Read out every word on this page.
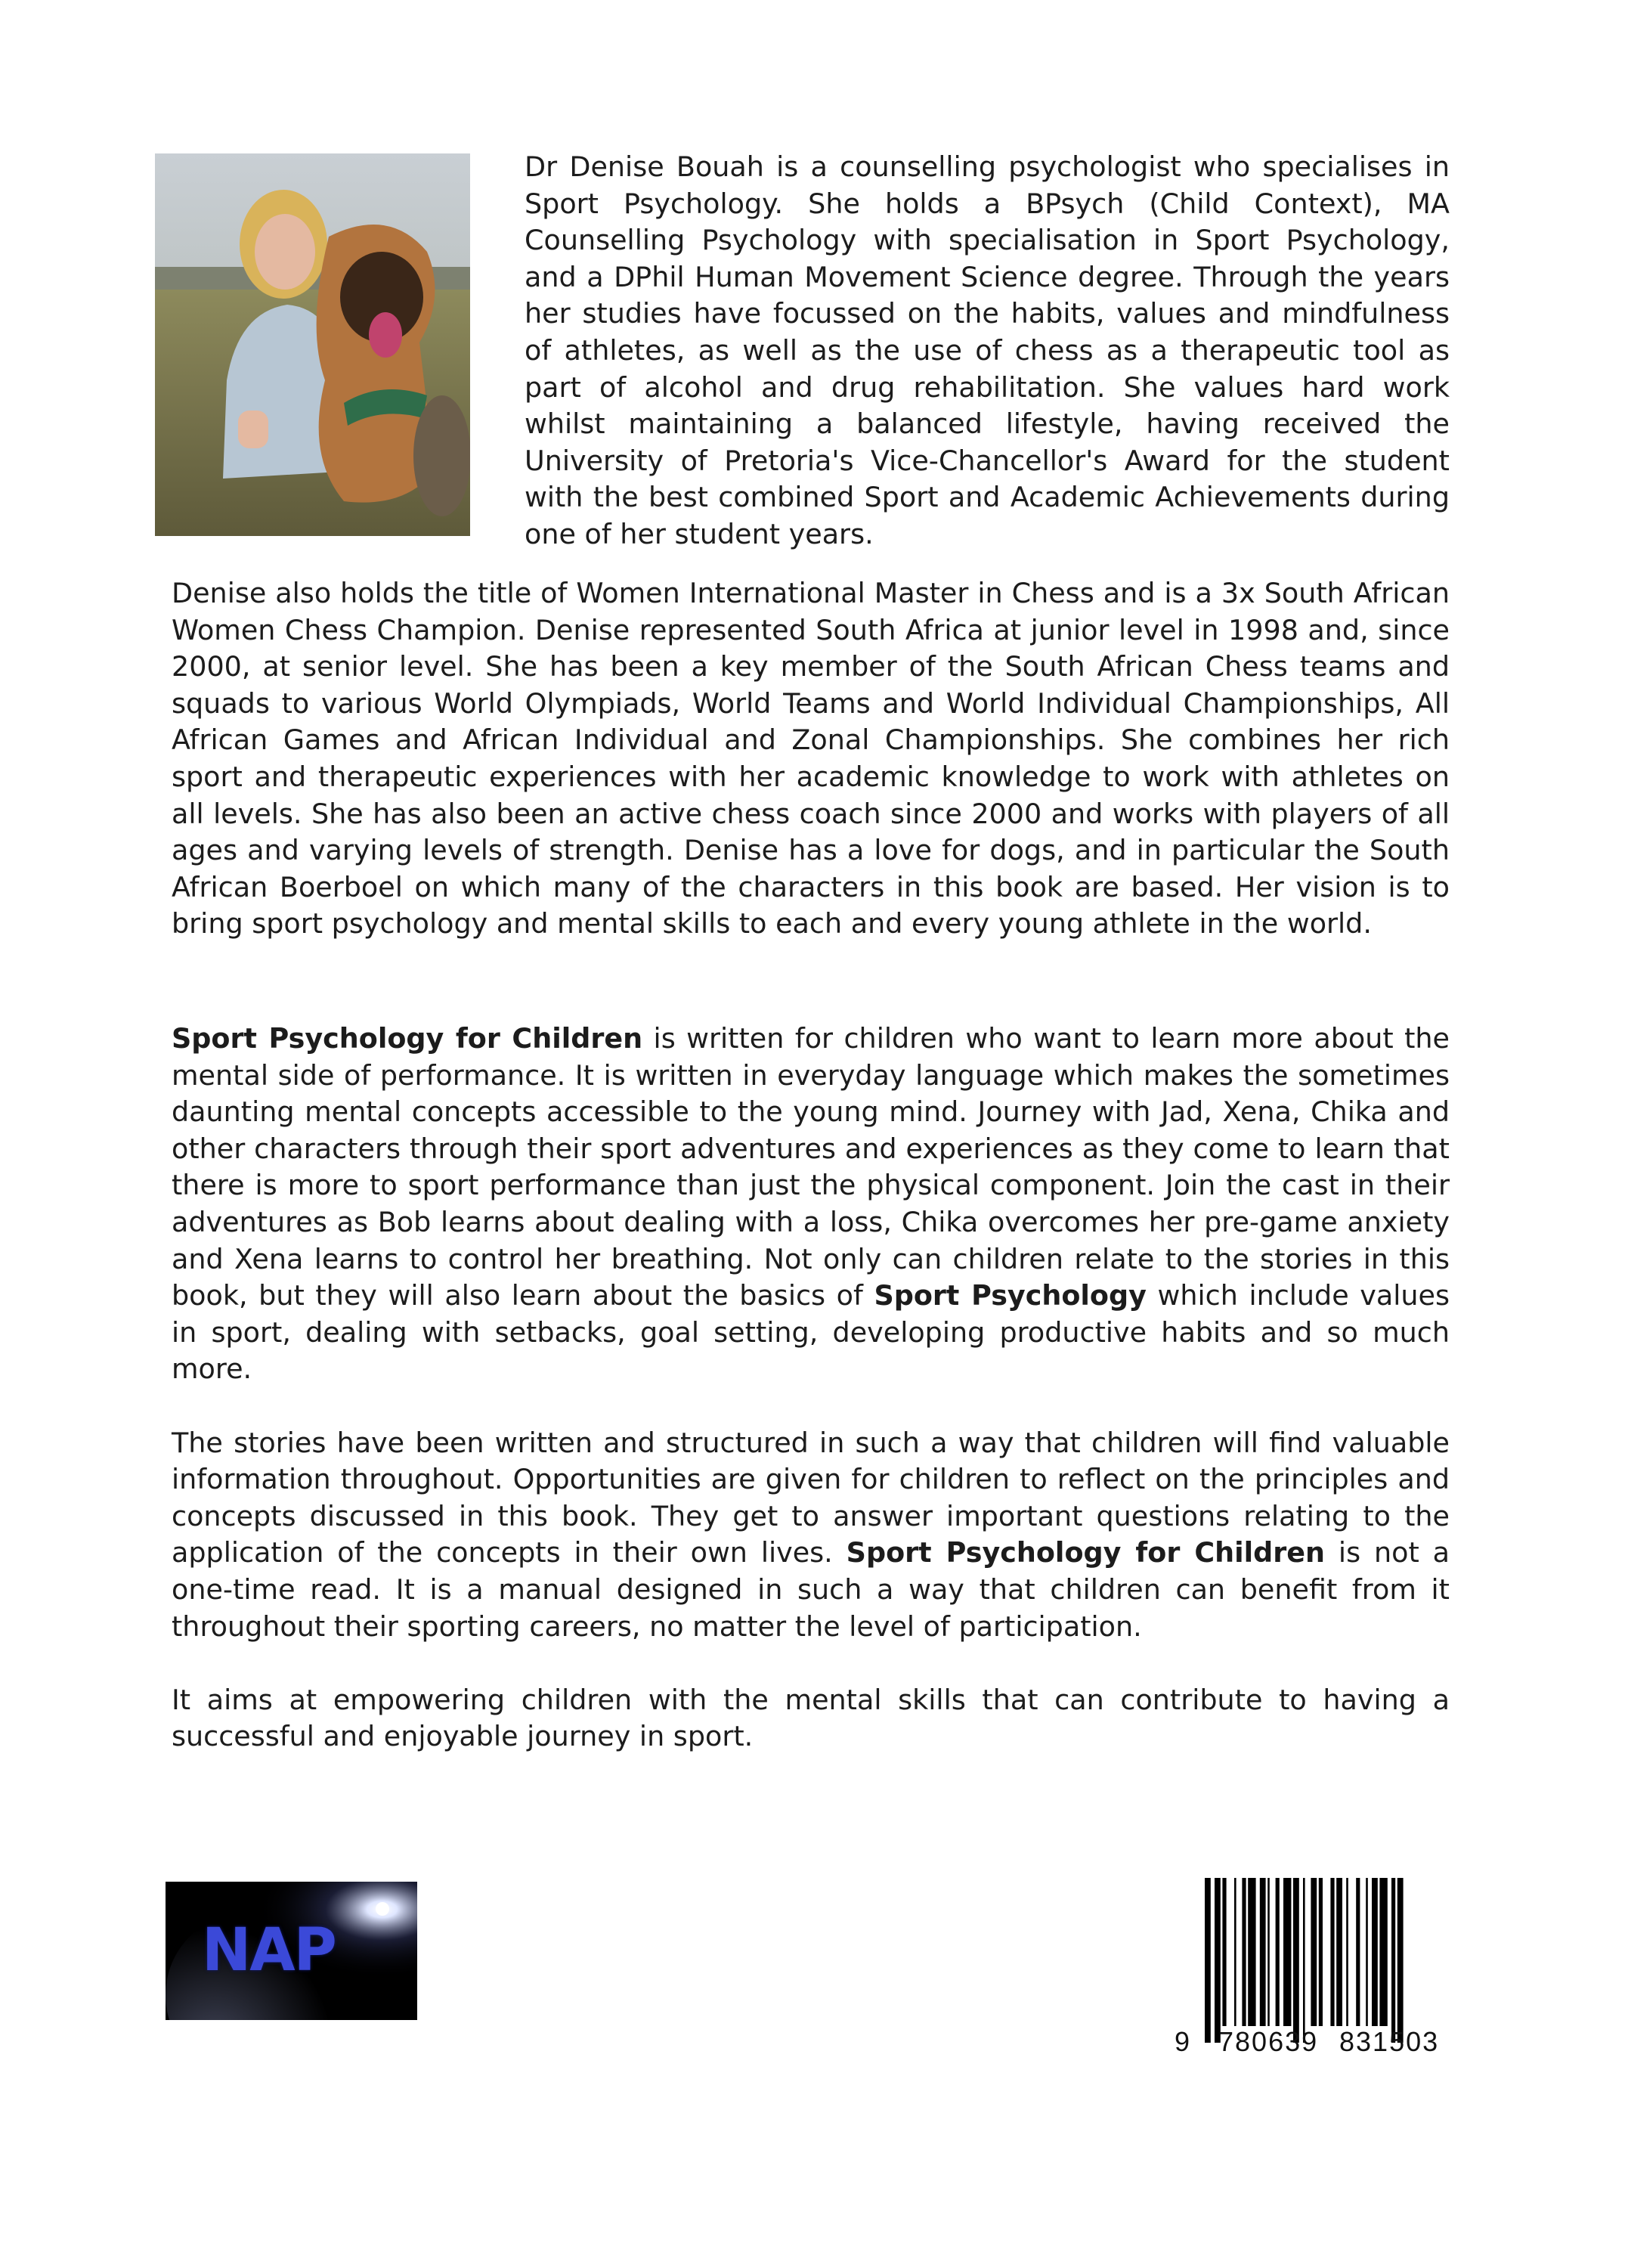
Dr Denise Bouah is a counselling psychologist who specialises in Sport Psychology. She holds a BPsych (Child Context), MA Counselling Psychology with specialisation in Sport Psychology, and a DPhil Human Movement Science degree. Through the years her studies have focussed on the habits, values and mindfulness of athletes, as well as the use of chess as a therapeutic tool as part of alcohol and drug rehabilitation. She values hard work whilst maintaining a balanced lifestyle, having received the University of Pretoria's Vice-Chancellor's Award for the student with the best combined Sport and Academic Achievements during one of her student years.

Denise also holds the title of Women International Master in Chess and is a 3x South African Women Chess Champion. Denise represented South Africa at junior level in 1998 and, since 2000, at senior level. She has been a key member of the South African Chess teams and squads to various World Olympiads, World Teams and World Individual Championships, All African Games and African Individual and Zonal Championships. She combines her rich sport and therapeutic experiences with her academic knowledge to work with athletes on all levels. She has also been an active chess coach since 2000 and works with players of all ages and varying levels of strength. Denise has a love for dogs, and in particular the South African Boerboel on which many of the characters in this book are based. Her vision is to bring sport psychology and mental skills to each and every young athlete in the world.

Sport Psychology for Children is written for children who want to learn more about the mental side of performance. It is written in everyday language which makes the sometimes daunting mental concepts accessible to the young mind. Journey with Jad, Xena, Chika and other characters through their sport adventures and experiences as they come to learn that there is more to sport performance than just the physical component. Join the cast in their adventures as Bob learns about dealing with a loss, Chika overcomes her pre-game anxiety and Xena learns to control her breathing. Not only can children relate to the stories in this book, but they will also learn about the basics of Sport Psychology which include values in sport, dealing with setbacks, goal setting, developing productive habits and so much more.

The stories have been written and structured in such a way that children will find valuable information throughout. Opportunities are given for children to reflect on the principles and concepts discussed in this book. They get to answer important questions relating to the application of the concepts in their own lives. Sport Psychology for Children is not a one-time read. It is a manual designed in such a way that children can benefit from it throughout their sporting careers, no matter the level of participation.

It aims at empowering children with the mental skills that can contribute to having a successful and enjoyable journey in sport.

NAP
9 780639 831503
